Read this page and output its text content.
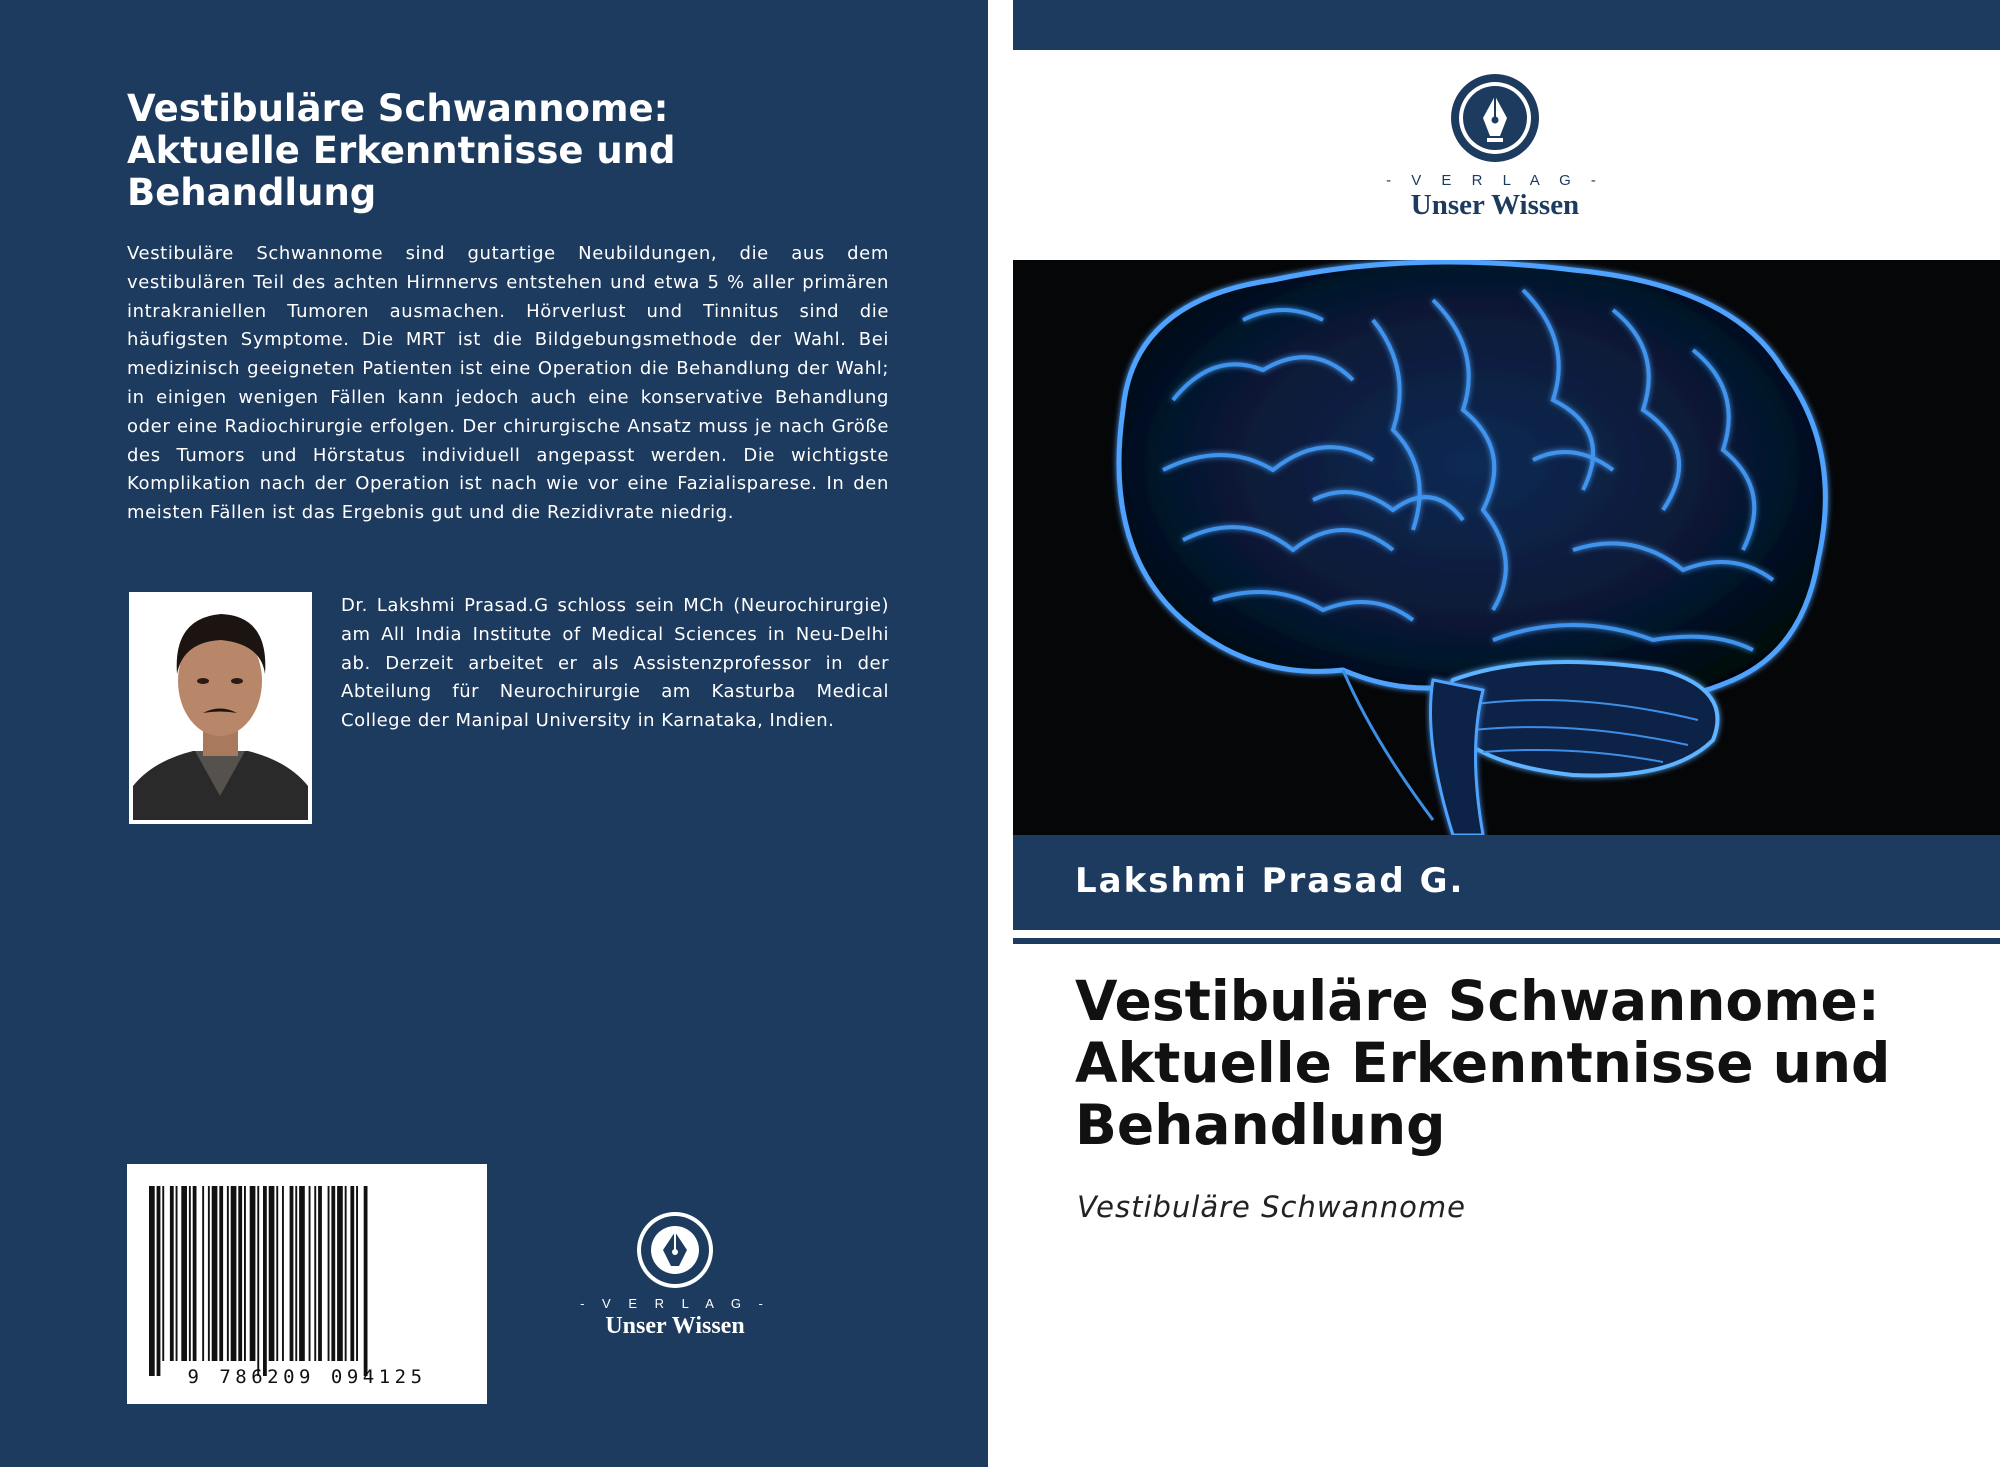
Vestibuläre Schwannome:
Aktuelle Erkenntnisse und
Behandlung
Vestibuläre Schwannome sind gutartige Neubildungen, die aus dem vestibulären Teil des achten Hirnnervs entstehen und etwa 5 % aller primären intrakraniellen Tumoren ausmachen. Hörverlust und Tinnitus sind die häufigsten Symptome. Die MRT ist die Bildgebungsmethode der Wahl. Bei medizinisch geeigneten Patienten ist eine Operation die Behandlung der Wahl; in einigen wenigen Fällen kann jedoch auch eine konservative Behandlung oder eine Radiochirurgie erfolgen. Der chirurgische Ansatz muss je nach Größe des Tumors und Hörstatus individuell angepasst werden. Die wichtigste Komplikation nach der Operation ist nach wie vor eine Fazialisparese. In den meisten Fällen ist das Ergebnis gut und die Rezidivrate niedrig.
Dr. Lakshmi Prasad.G schloss sein MCh (Neurochirurgie) am All India Institute of Medical Sciences in Neu-Delhi ab. Derzeit arbeitet er als Assistenzprofessor in der Abteilung für Neurochirurgie am Kasturba Medical College der Manipal University in Karnataka, Indien.
9 786209 094125
- V E R L A G -
Unser Wissen
- V E R L A G -
Unser Wissen
Lakshmi Prasad G.
Vestibuläre Schwannome:
Aktuelle Erkenntnisse und
Behandlung
Vestibuläre Schwannome
